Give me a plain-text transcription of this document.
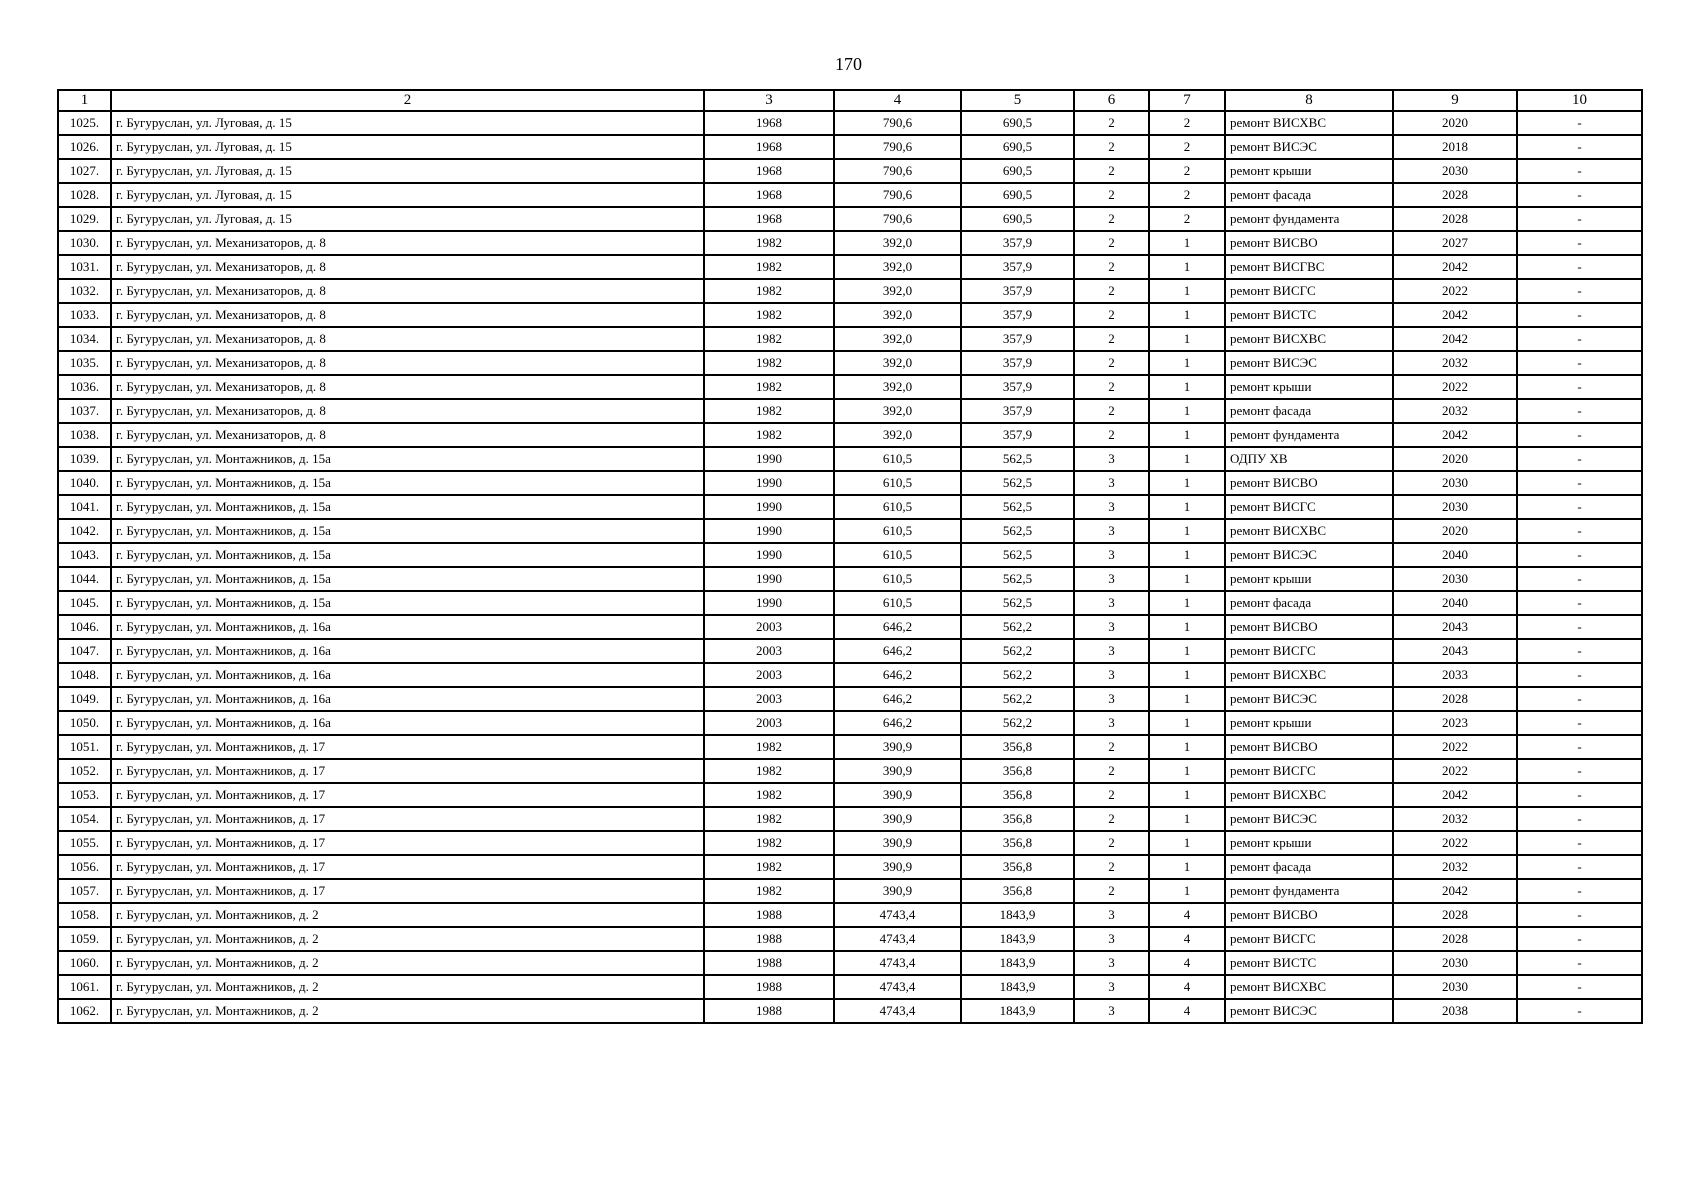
170
1	2	3	4	5	6	7	8	9	10
1025.	г. Бугуруслан, ул. Луговая, д. 15	1968	790,6	690,5	2	2	ремонт ВИСХВС	2020	-
1026.	г. Бугуруслан, ул. Луговая, д. 15	1968	790,6	690,5	2	2	ремонт ВИСЭС	2018	-
1027.	г. Бугуруслан, ул. Луговая, д. 15	1968	790,6	690,5	2	2	ремонт крыши	2030	-
1028.	г. Бугуруслан, ул. Луговая, д. 15	1968	790,6	690,5	2	2	ремонт фасада	2028	-
1029.	г. Бугуруслан, ул. Луговая, д. 15	1968	790,6	690,5	2	2	ремонт фундамента	2028	-
1030.	г. Бугуруслан, ул. Механизаторов, д. 8	1982	392,0	357,9	2	1	ремонт ВИСВО	2027	-
1031.	г. Бугуруслан, ул. Механизаторов, д. 8	1982	392,0	357,9	2	1	ремонт ВИСГВС	2042	-
1032.	г. Бугуруслан, ул. Механизаторов, д. 8	1982	392,0	357,9	2	1	ремонт ВИСГС	2022	-
1033.	г. Бугуруслан, ул. Механизаторов, д. 8	1982	392,0	357,9	2	1	ремонт ВИСТС	2042	-
1034.	г. Бугуруслан, ул. Механизаторов, д. 8	1982	392,0	357,9	2	1	ремонт ВИСХВС	2042	-
1035.	г. Бугуруслан, ул. Механизаторов, д. 8	1982	392,0	357,9	2	1	ремонт ВИСЭС	2032	-
1036.	г. Бугуруслан, ул. Механизаторов, д. 8	1982	392,0	357,9	2	1	ремонт крыши	2022	-
1037.	г. Бугуруслан, ул. Механизаторов, д. 8	1982	392,0	357,9	2	1	ремонт фасада	2032	-
1038.	г. Бугуруслан, ул. Механизаторов, д. 8	1982	392,0	357,9	2	1	ремонт фундамента	2042	-
1039.	г. Бугуруслан, ул. Монтажников, д. 15а	1990	610,5	562,5	3	1	ОДПУ ХВ	2020	-
1040.	г. Бугуруслан, ул. Монтажников, д. 15а	1990	610,5	562,5	3	1	ремонт ВИСВО	2030	-
1041.	г. Бугуруслан, ул. Монтажников, д. 15а	1990	610,5	562,5	3	1	ремонт ВИСГС	2030	-
1042.	г. Бугуруслан, ул. Монтажников, д. 15а	1990	610,5	562,5	3	1	ремонт ВИСХВС	2020	-
1043.	г. Бугуруслан, ул. Монтажников, д. 15а	1990	610,5	562,5	3	1	ремонт ВИСЭС	2040	-
1044.	г. Бугуруслан, ул. Монтажников, д. 15а	1990	610,5	562,5	3	1	ремонт крыши	2030	-
1045.	г. Бугуруслан, ул. Монтажников, д. 15а	1990	610,5	562,5	3	1	ремонт фасада	2040	-
1046.	г. Бугуруслан, ул. Монтажников, д. 16а	2003	646,2	562,2	3	1	ремонт ВИСВО	2043	-
1047.	г. Бугуруслан, ул. Монтажников, д. 16а	2003	646,2	562,2	3	1	ремонт ВИСГС	2043	-
1048.	г. Бугуруслан, ул. Монтажников, д. 16а	2003	646,2	562,2	3	1	ремонт ВИСХВС	2033	-
1049.	г. Бугуруслан, ул. Монтажников, д. 16а	2003	646,2	562,2	3	1	ремонт ВИСЭС	2028	-
1050.	г. Бугуруслан, ул. Монтажников, д. 16а	2003	646,2	562,2	3	1	ремонт крыши	2023	-
1051.	г. Бугуруслан, ул. Монтажников, д. 17	1982	390,9	356,8	2	1	ремонт ВИСВО	2022	-
1052.	г. Бугуруслан, ул. Монтажников, д. 17	1982	390,9	356,8	2	1	ремонт ВИСГС	2022	-
1053.	г. Бугуруслан, ул. Монтажников, д. 17	1982	390,9	356,8	2	1	ремонт ВИСХВС	2042	-
1054.	г. Бугуруслан, ул. Монтажников, д. 17	1982	390,9	356,8	2	1	ремонт ВИСЭС	2032	-
1055.	г. Бугуруслан, ул. Монтажников, д. 17	1982	390,9	356,8	2	1	ремонт крыши	2022	-
1056.	г. Бугуруслан, ул. Монтажников, д. 17	1982	390,9	356,8	2	1	ремонт фасада	2032	-
1057.	г. Бугуруслан, ул. Монтажников, д. 17	1982	390,9	356,8	2	1	ремонт фундамента	2042	-
1058.	г. Бугуруслан, ул. Монтажников, д. 2	1988	4743,4	1843,9	3	4	ремонт ВИСВО	2028	-
1059.	г. Бугуруслан, ул. Монтажников, д. 2	1988	4743,4	1843,9	3	4	ремонт ВИСГС	2028	-
1060.	г. Бугуруслан, ул. Монтажников, д. 2	1988	4743,4	1843,9	3	4	ремонт ВИСТС	2030	-
1061.	г. Бугуруслан, ул. Монтажников, д. 2	1988	4743,4	1843,9	3	4	ремонт ВИСХВС	2030	-
1062.	г. Бугуруслан, ул. Монтажников, д. 2	1988	4743,4	1843,9	3	4	ремонт ВИСЭС	2038	-
